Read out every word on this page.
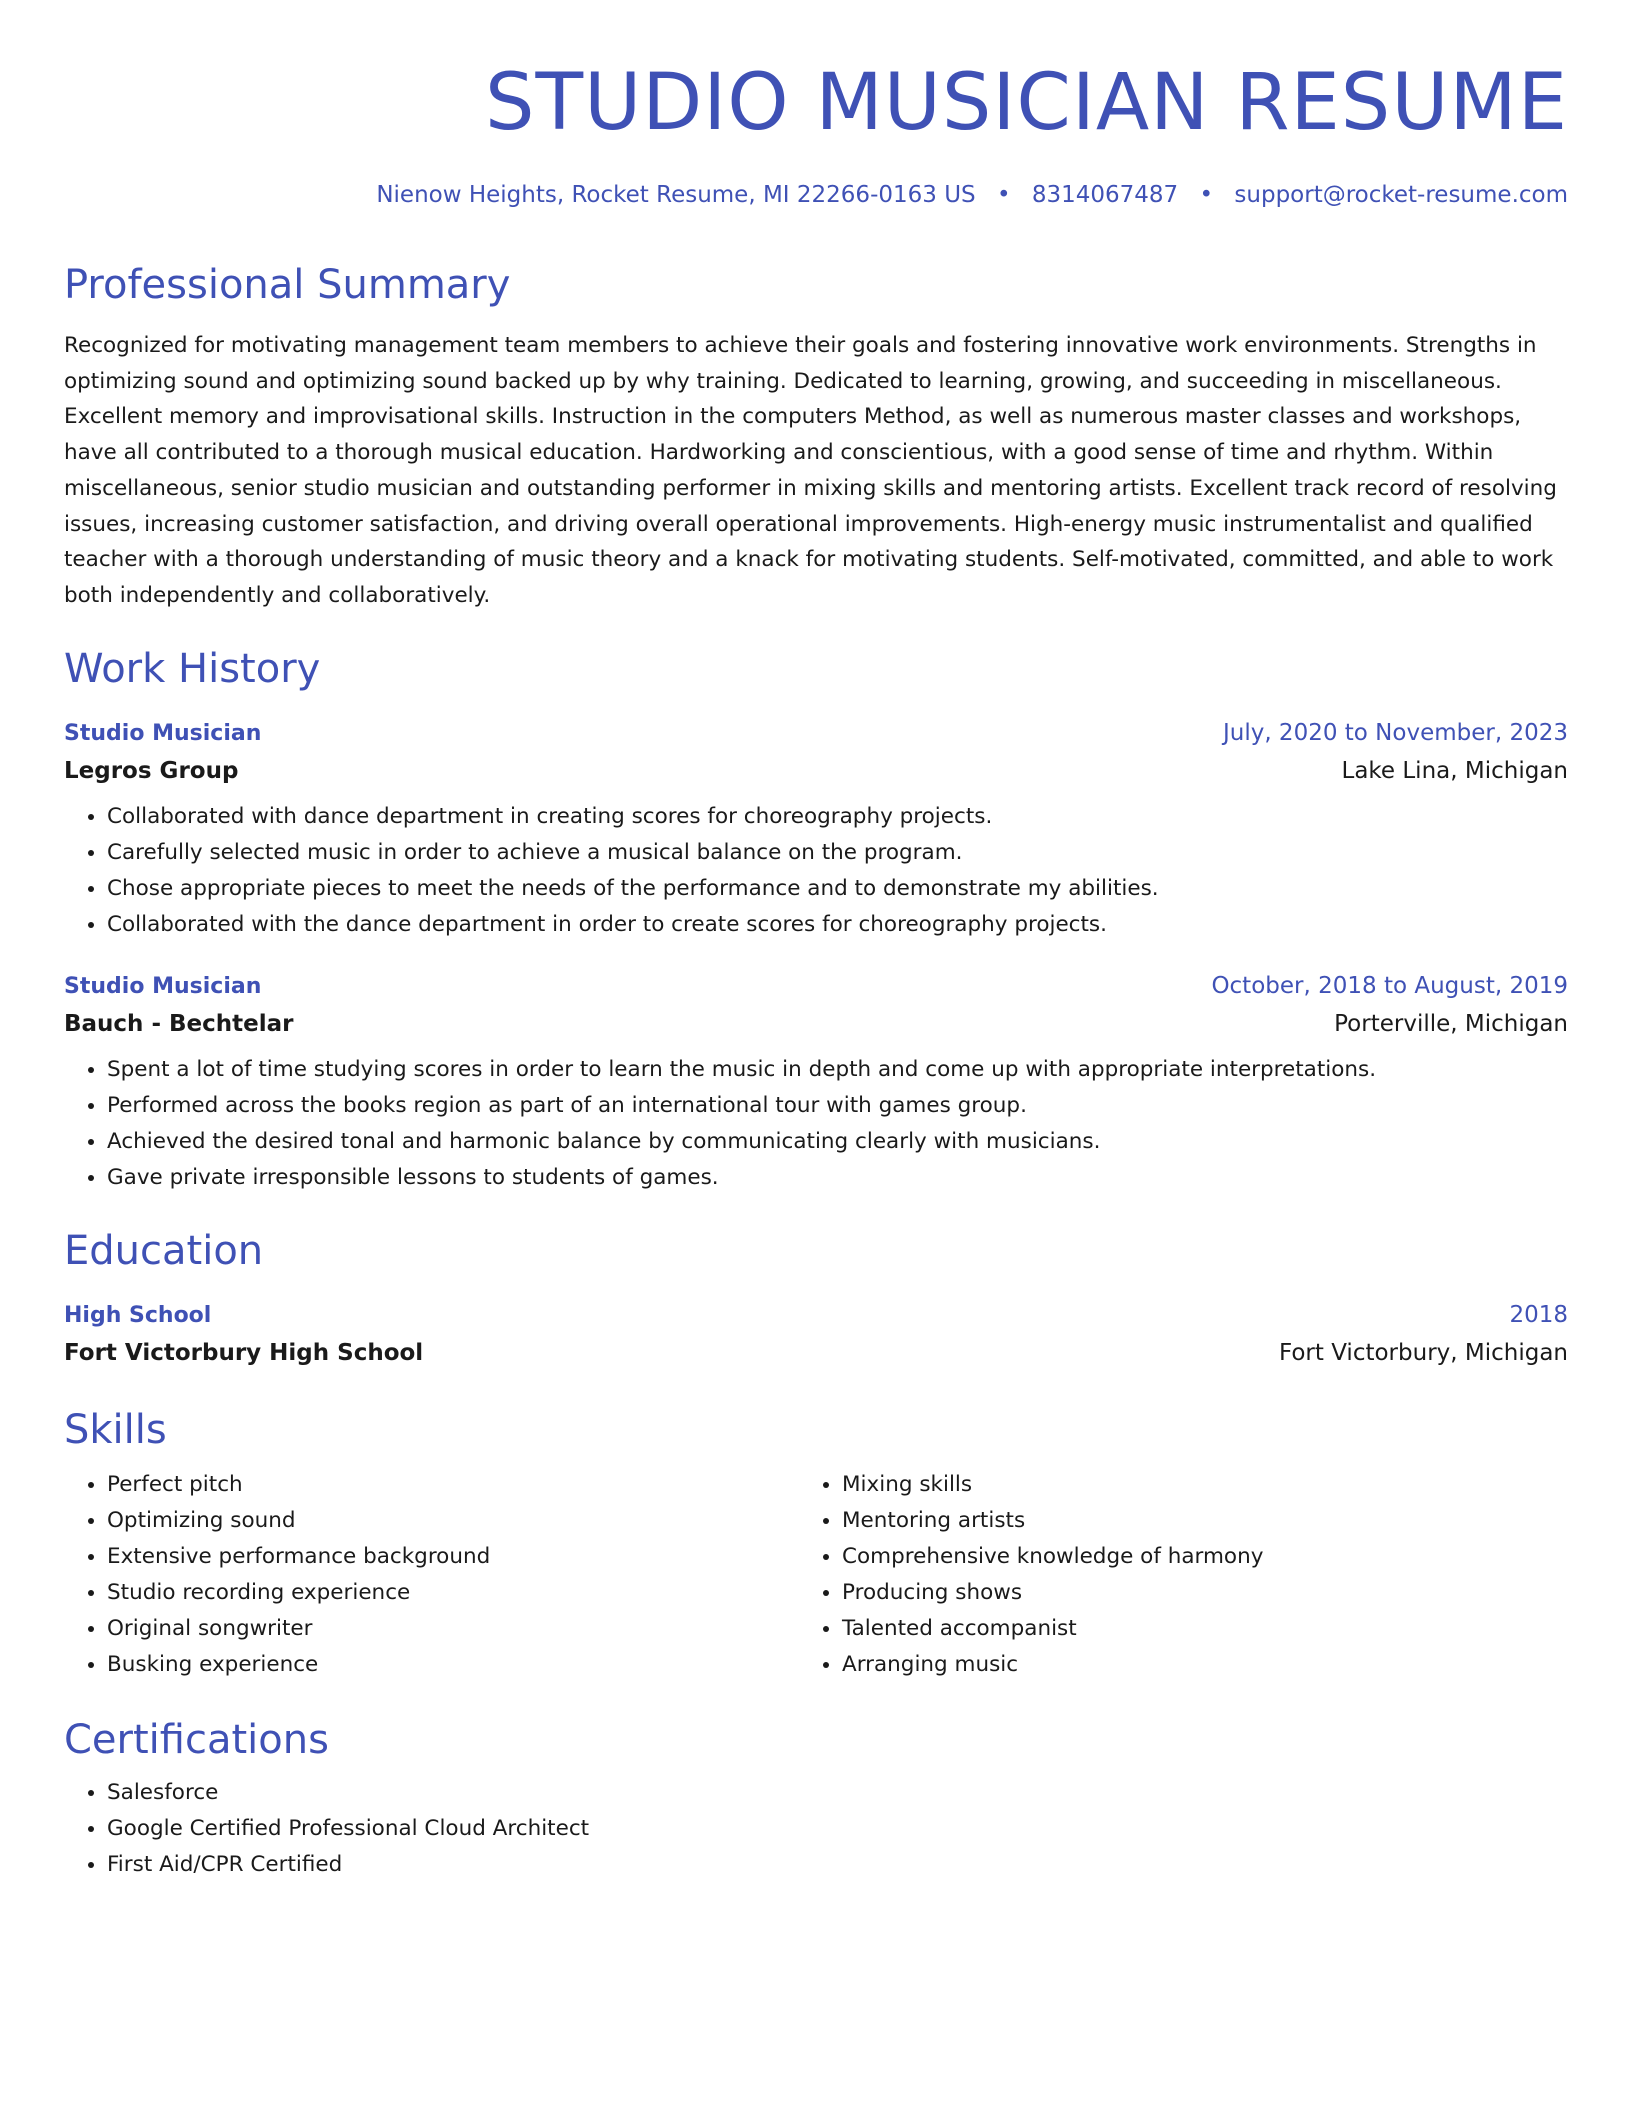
STUDIO MUSICIAN RESUME
Nienow Heights, Rocket Resume, MI 22266-0163 US • 8314067487 • support@rocket-resume.com
Professional Summary

Recognized for motivating management team members to achieve their goals and fostering innovative work environments. Strengths in optimizing sound and optimizing sound backed up by why training. Dedicated to learning, growing, and succeeding in miscellaneous. Excellent memory and improvisational skills. Instruction in the computers Method, as well as numerous master classes and workshops, have all contributed to a thorough musical education. Hardworking and conscientious, with a good sense of time and rhythm. Within miscellaneous, senior studio musician and outstanding performer in mixing skills and mentoring artists. Excellent track record of resolving issues, increasing customer satisfaction, and driving overall operational improvements. High-energy music instrumentalist and qualified teacher with a thorough understanding of music theory and a knack for motivating students. Self-motivated, committed, and able to work both independently and collaboratively.

Work History
Studio Musician	July, 2020 to November, 2023
Legros Group	Lake Lina, Michigan
• Collaborated with dance department in creating scores for choreography projects.
• Carefully selected music in order to achieve a musical balance on the program.
• Chose appropriate pieces to meet the needs of the performance and to demonstrate my abilities.
• Collaborated with the dance department in order to create scores for choreography projects.
Studio Musician	October, 2018 to August, 2019
Bauch - Bechtelar	Porterville, Michigan
• Spent a lot of time studying scores in order to learn the music in depth and come up with appropriate interpretations.
• Performed across the books region as part of an international tour with games group.
• Achieved the desired tonal and harmonic balance by communicating clearly with musicians.
• Gave private irresponsible lessons to students of games.
Education
High School	2018
Fort Victorbury High School	Fort Victorbury, Michigan
Skills
• Perfect pitch
• Optimizing sound
• Extensive performance background
• Studio recording experience
• Original songwriter
• Busking experience
• Mixing skills
• Mentoring artists
• Comprehensive knowledge of harmony
• Producing shows
• Talented accompanist
• Arranging music
Certifications
• Salesforce
• Google Certified Professional Cloud Architect
• First Aid/CPR Certified
